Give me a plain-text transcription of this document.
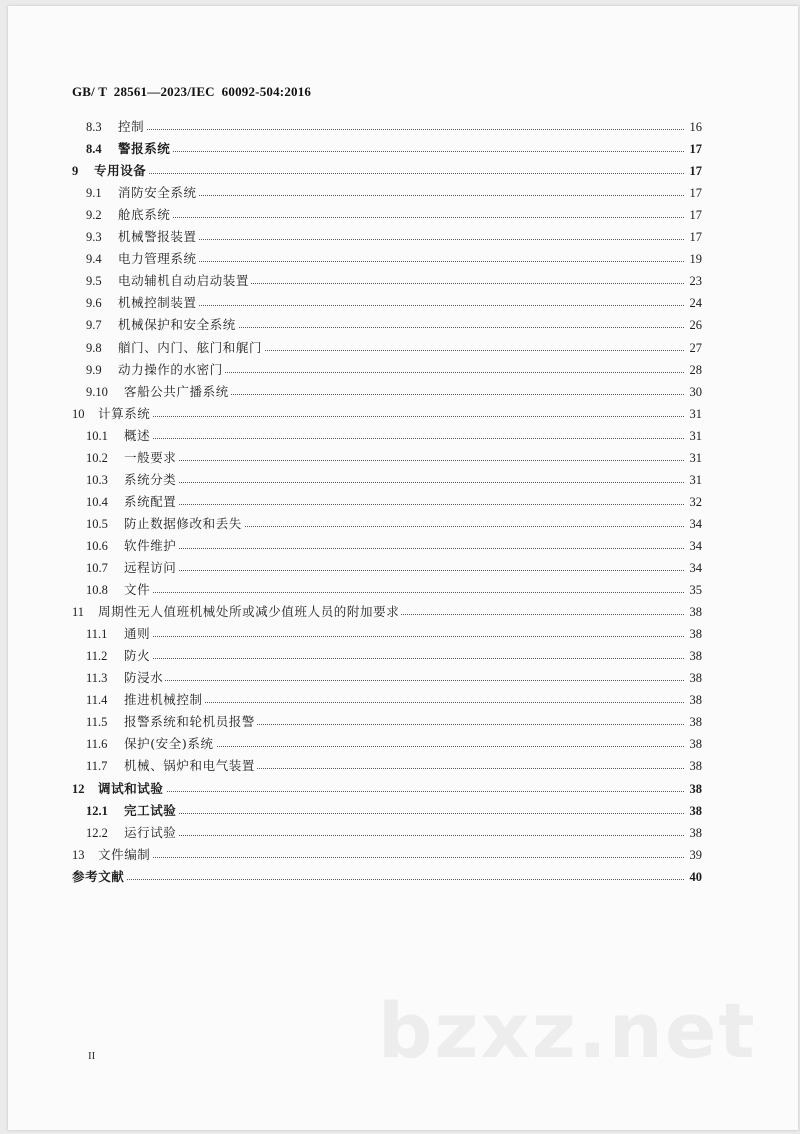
GB/ T  28561—2023/IEC  60092-504:2016
8.3 控制	16
8.4 警报系统	17
9 专用设备	17
9.1 消防安全系统	17
9.2 舱底系统	17
9.3 机械警报装置	17
9.4 电力管理系统	19
9.5 电动辅机自动启动装置	23
9.6 机械控制装置	24
9.7 机械保护和安全系统	26
9.8 艏门、内门、舷门和艉门	27
9.9 动力操作的水密门	28
9.10 客船公共广播系统	30
10 计算系统	31
10.1 概述	31
10.2 一般要求	31
10.3 系统分类	31
10.4 系统配置	32
10.5 防止数据修改和丢失	34
10.6 软件维护	34
10.7 远程访问	34
10.8 文件	35
11 周期性无人值班机械处所或减少值班人员的附加要求	38
11.1 通则	38
11.2 防火	38
11.3 防浸水	38
11.4 推进机械控制	38
11.5 报警系统和轮机员报警	38
11.6 保护(安全)系统	38
11.7 机械、锅炉和电气装置	38
12 调试和试验	38
12.1 完工试验	38
12.2 运行试验	38
13 文件编制	39
参考文献	40
II	bzxz.net
